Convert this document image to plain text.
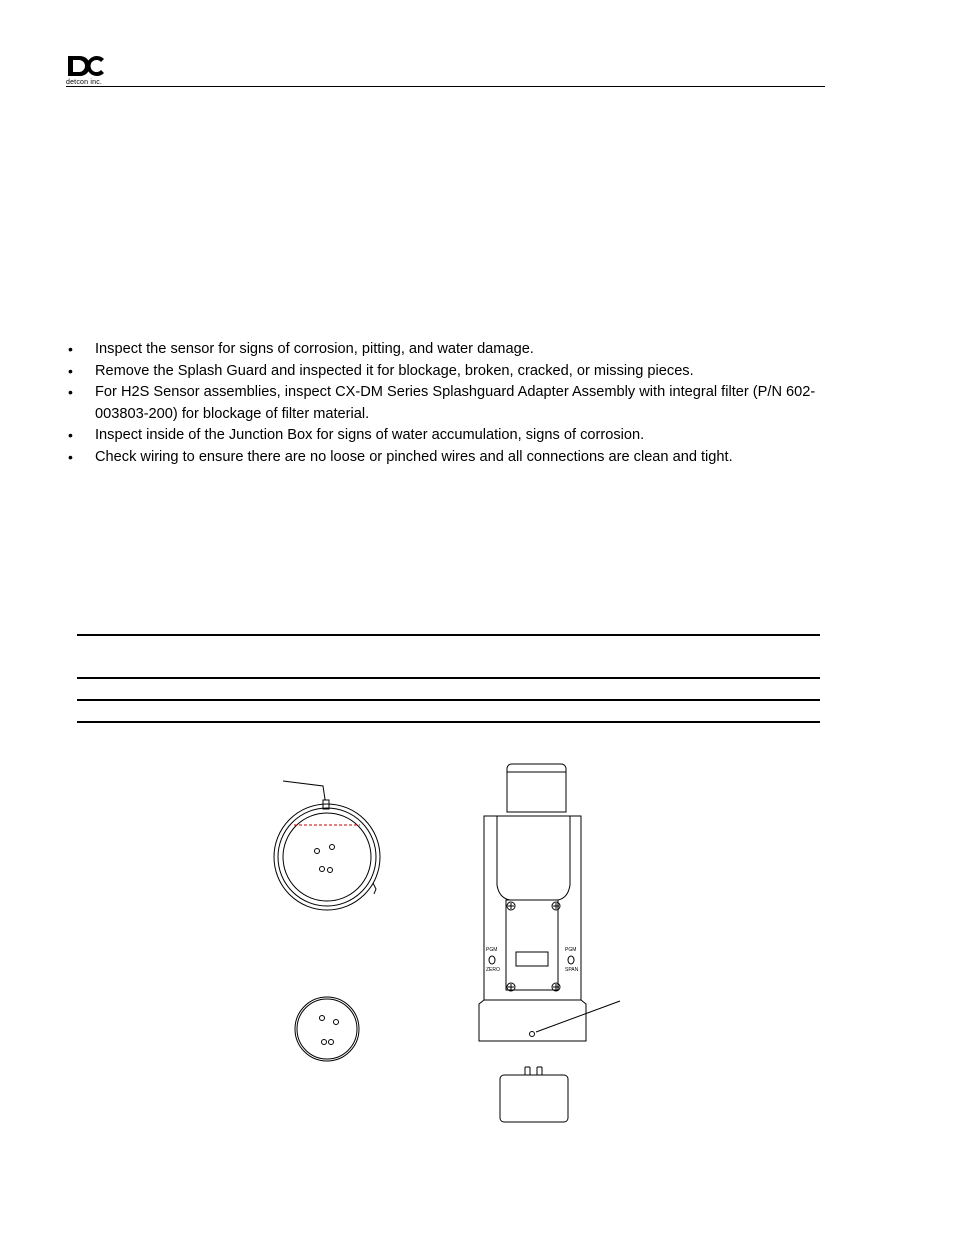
detcon inc.
• Inspect the sensor for signs of corrosion, pitting, and water damage.
• Remove the Splash Guard and inspected it for blockage, broken, cracked, or missing pieces.
• For H2S Sensor assemblies, inspect CX-DM Series Splashguard Adapter Assembly with integral filter (P/N 602-003803-200) for blockage of filter material.
• Inspect inside of the Junction Box for signs of water accumulation, signs of corrosion.
• Check wiring to ensure there are no loose or pinched wires and all connections are clean and tight.
PGM
ZERO
PGM
SPAN
